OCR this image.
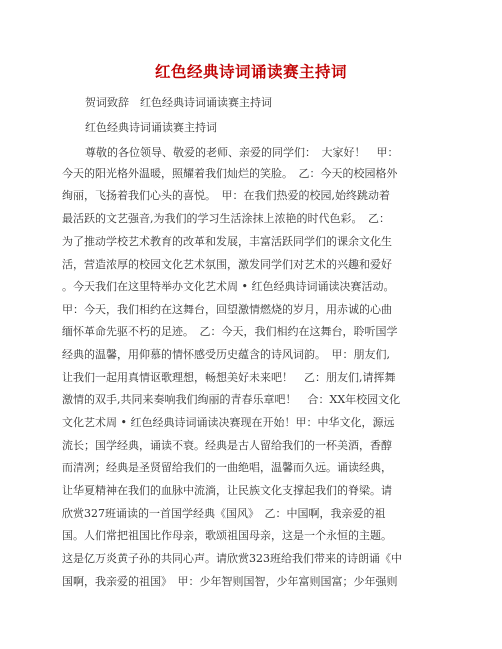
红色经典诗词诵读赛主持词
贺词致辞　红色经典诗词诵读赛主持词
红色经典诗词诵读赛主持词
尊敬的各位领导、敬爱的老师、亲爱的同学们：　大家好！　甲：
今天的阳光格外温暖，照耀着我们灿烂的笑脸。　乙：今天的校园格外
绚丽，飞扬着我们心头的喜悦。　甲：在我们热爱的校园,始终跳动着
最活跃的文艺强音,为我们的学习生活涂抹上浓艳的时代色彩。　乙：
为了推动学校艺术教育的改革和发展，丰富活跃同学们的课余文化生
活，营造浓厚的校园文化艺术氛围，激发同学们对艺术的兴趣和爱好
。今天我们在这里特举办文化艺术周 • 红色经典诗词诵读决赛活动。
甲：今天，我们相约在这舞台，回望激情燃烧的岁月，用赤诚的心曲
缅怀革命先驱不朽的足迹。　乙：今天，我们相约在这舞台，聆听国学
经典的温馨，用仰慕的情怀感受历史蕴含的诗风词韵。　甲：朋友们,
让我们一起用真情讴歌理想，畅想美好未来吧！　乙：朋友们,请挥舞
激情的双手,共同来奏响我们绚丽的青春乐章吧！　合：XX年校园文化
文化艺术周 • 红色经典诗词诵读决赛现在开始！甲：中华文化，源远
流长；国学经典，诵读不衰。经典是古人留给我们的一杯美酒，香醇
而清冽；经典是圣贤留给我们的一曲绝唱，温馨而久远。诵读经典，
让华夏精神在我们的血脉中流淌，让民族文化支撑起我们的脊梁。请
欣赏327班诵读的一首国学经典《国风》　乙：中国啊，我亲爱的祖
国。人们常把祖国比作母亲，歌颂祖国母亲，这是一个永恒的主题。
这是亿万炎黄子孙的共同心声。请欣赏323班给我们带来的诗朗诵《中
国啊，我亲爱的祖国》　甲：少年智则国智，少年富则国富；少年强则
